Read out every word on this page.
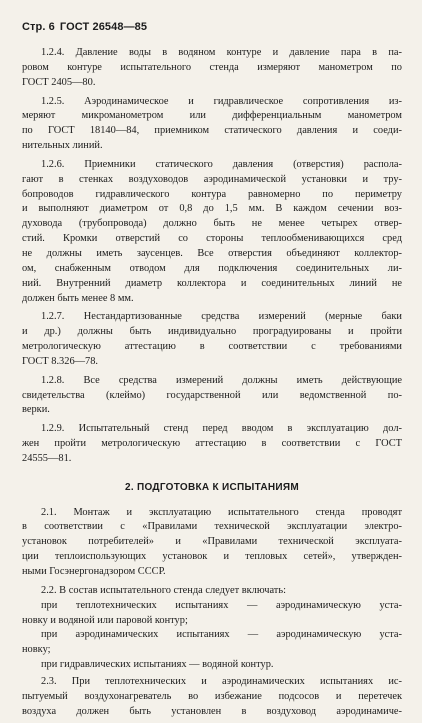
Стр. 6 ГОСТ 26548—85
1.2.4. Давление воды в водяном контуре и давление пара в па-
ровом контуре испытательного стенда измеряют манометром по
ГОСТ 2405—80.
1.2.5. Аэродинамическое и гидравлическое сопротивления из-
меряют микроманометром или дифференциальным манометром
по ГОСТ 18140—84, приемником статического давления и соеди-
нительных линий.
1.2.6. Приемники статического давления (отверстия) распола-
гают в стенках воздуховодов аэродинамической установки и тру-
бопроводов гидравлического контура равномерно по периметру
и выполняют диаметром от 0,8 до 1,5 мм. В каждом сечении воз-
духовода (трубопровода) должно быть не менее четырех отвер-
стий. Кромки отверстий со стороны теплообменивающихся сред
не должны иметь заусенцев. Все отверстия объединяют коллектор-
ом, снабженным отводом для подключения соединительных ли-
ний. Внутренний диаметр коллектора и соединительных линий не
должен быть менее 8 мм.
1.2.7. Нестандартизованные средства измерений (мерные баки
и др.) должны быть индивидуально проградуированы и пройти
метрологическую аттестацию в соответствии с требованиями
ГОСТ 8.326—78.
1.2.8. Все средства измерений должны иметь действующие
свидетельства (клеймо) государственной или ведомственной по-
верки.
1.2.9. Испытательный стенд перед вводом в эксплуатацию дол-
жен пройти метрологическую аттестацию в соответствии с ГОСТ
24555—81.
2. ПОДГОТОВКА К ИСПЫТАНИЯМ
2.1. Монтаж и эксплуатацию испытательного стенда проводят
в соответствии с «Правилами технической эксплуатации электро-
установок потребителей» и «Правилами технической эксплуата-
ции теплоиспользующих установок и тепловых сетей», утвержден-
ными Госэнергонадзором СССР.
2.2. В состав испытательного стенда следует включать:
при теплотехнических испытаниях — аэродинамическую уста-
новку и водяной или паровой контур;
при аэродинамических испытаниях — аэродинамическую уста-
новку;
при гидравлических испытаниях — водяной контур.
2.3. При теплотехнических и аэродинамических испытаниях ис-
пытуемый воздухонагреватель во избежание подсосов и перетечек
воздуха должен быть установлен в воздуховод аэродинамиче-
